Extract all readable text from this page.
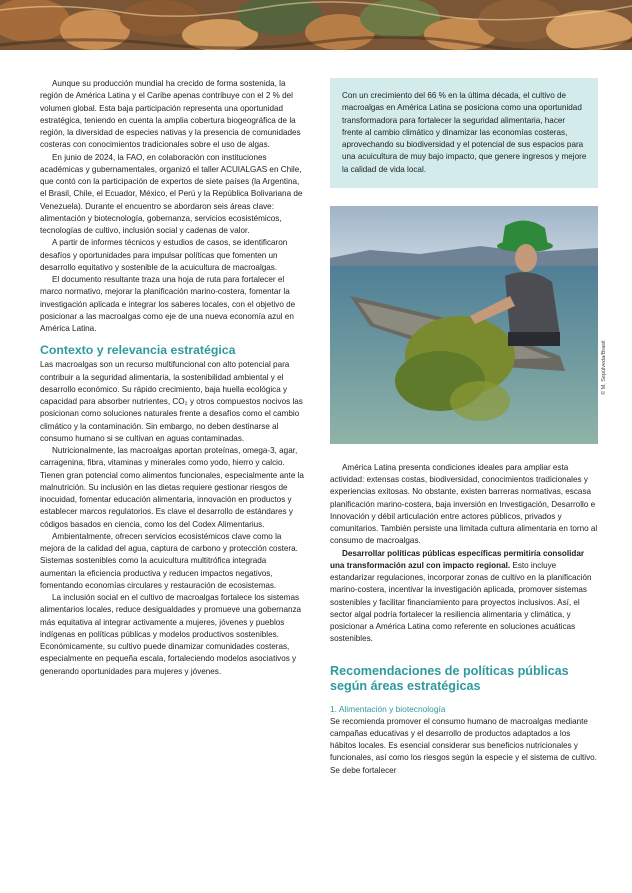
Aunque su producción mundial ha crecido de forma sostenida, la región de América Latina y el Caribe apenas contribuye con el 2 % del volumen global. Esta baja participación representa una oportunidad estratégica, teniendo en cuenta la amplia cobertura biogeográfica de la región, la diversidad de especies nativas y la presencia de comunidades costeras con conocimientos tradicionales sobre el uso de algas.

En junio de 2024, la FAO, en colaboración con instituciones académicas y gubernamentales, organizó el taller ACUIALGAS en Chile, que contó con la participación de expertos de siete países (la Argentina, el Brasil, Chile, el Ecuador, México, el Perú y la República Bolivariana de Venezuela). Durante el encuentro se abordaron seis áreas clave: alimentación y biotecnología, gobernanza, servicios ecosistémicos, tecnologías de cultivo, inclusión social y cadenas de valor.

A partir de informes técnicos y estudios de casos, se identificaron desafíos y oportunidades para impulsar políticas que fomenten un desarrollo equitativo y sostenible de la acuicultura de macroalgas.

El documento resultante traza una hoja de ruta para fortalecer el marco normativo, mejorar la planificación marino-costera, fomentar la investigación aplicada e integrar los saberes locales, con el objetivo de posicionar a las macroalgas como eje de una nueva economía azul en América Latina.

Contexto y relevancia estratégica

Las macroalgas son un recurso multifuncional con alto potencial para contribuir a la seguridad alimentaria, la sostenibilidad ambiental y el desarrollo económico. Su rápido crecimiento, baja huella ecológica y capacidad para absorber nutrientes, CO₂ y otros compuestos nocivos las posicionan como soluciones naturales frente a desafíos como el cambio climático y la contaminación. Sin embargo, no deben destinarse al consumo humano si se cultivan en aguas contaminadas.

Nutricionalmente, las macroalgas aportan proteínas, omega-3, agar, carragenina, fibra, vitaminas y minerales como yodo, hierro y calcio. Tienen gran potencial como alimentos funcionales, especialmente ante la malnutrición. Su inclusión en las dietas requiere gestionar riesgos de inocuidad, fomentar educación alimentaria, innovación en productos y establecer marcos regulatorios. Es clave el desarrollo de estándares y códigos basados en ciencia, como los del Codex Alimentarius.

Ambientalmente, ofrecen servicios ecosistémicos clave como la mejora de la calidad del agua, captura de carbono y protección costera. Sistemas sostenibles como la acuicultura multitrófica integrada aumentan la eficiencia productiva y reducen impactos negativos, fomentando economías circulares y restauración de ecosistemas.

La inclusión social en el cultivo de macroalgas fortalece los sistemas alimentarios locales, reduce desigualdades y promueve una gobernanza más equitativa al integrar activamente a mujeres, jóvenes y pueblos indígenas en políticas públicas y modelos productivos sostenibles. Económicamente, su cultivo puede dinamizar comunidades costeras, especialmente en pequeña escala, fortaleciendo modelos asociativos y generando oportunidades para mujeres y jóvenes.

Con un crecimiento del 66 % en la última década, el cultivo de macroalgas en América Latina se posiciona como una oportunidad transformadora para fortalecer la seguridad alimentaria, hacer frente al cambio climático y dinamizar las economías costeras, aprovechando su biodiversidad y el potencial de sus espacios para una acuicultura de muy bajo impacto, que genere ingresos y mejore la calidad de vida local.

América Latina presenta condiciones ideales para ampliar esta actividad: extensas costas, biodiversidad, conocimientos tradicionales y experiencias exitosas. No obstante, existen barreras normativas, escasa planificación marino-costera, baja inversión en Investigación, Desarrollo e Innovación y débil articulación entre actores públicos, privados y comunitarios. También persiste una limitada cultura alimentaria en torno al consumo de macroalgas.

Desarrollar políticas públicas específicas permitiría consolidar una transformación azul con impacto regional. Esto incluye estandarizar regulaciones, incorporar zonas de cultivo en la planificación marino-costera, incentivar la investigación aplicada, promover sistemas sostenibles y facilitar financiamiento para proyectos inclusivos. Así, el sector algal podría fortalecer la resiliencia alimentaria y climática, y posicionar a América Latina como referente en soluciones acuáticas sostenibles.

Recomendaciones de políticas públicas según áreas estratégicas
1. Alimentación y biotecnología

Se recomienda promover el consumo humano de macroalgas mediante campañas educativas y el desarrollo de productos adaptados a los hábitos locales. Es esencial considerar sus beneficios nutricionales y funcionales, así como los riesgos según la especie y el sistema de cultivo. Se debe fortalecer

© M. Sepúlveda/Brasil
